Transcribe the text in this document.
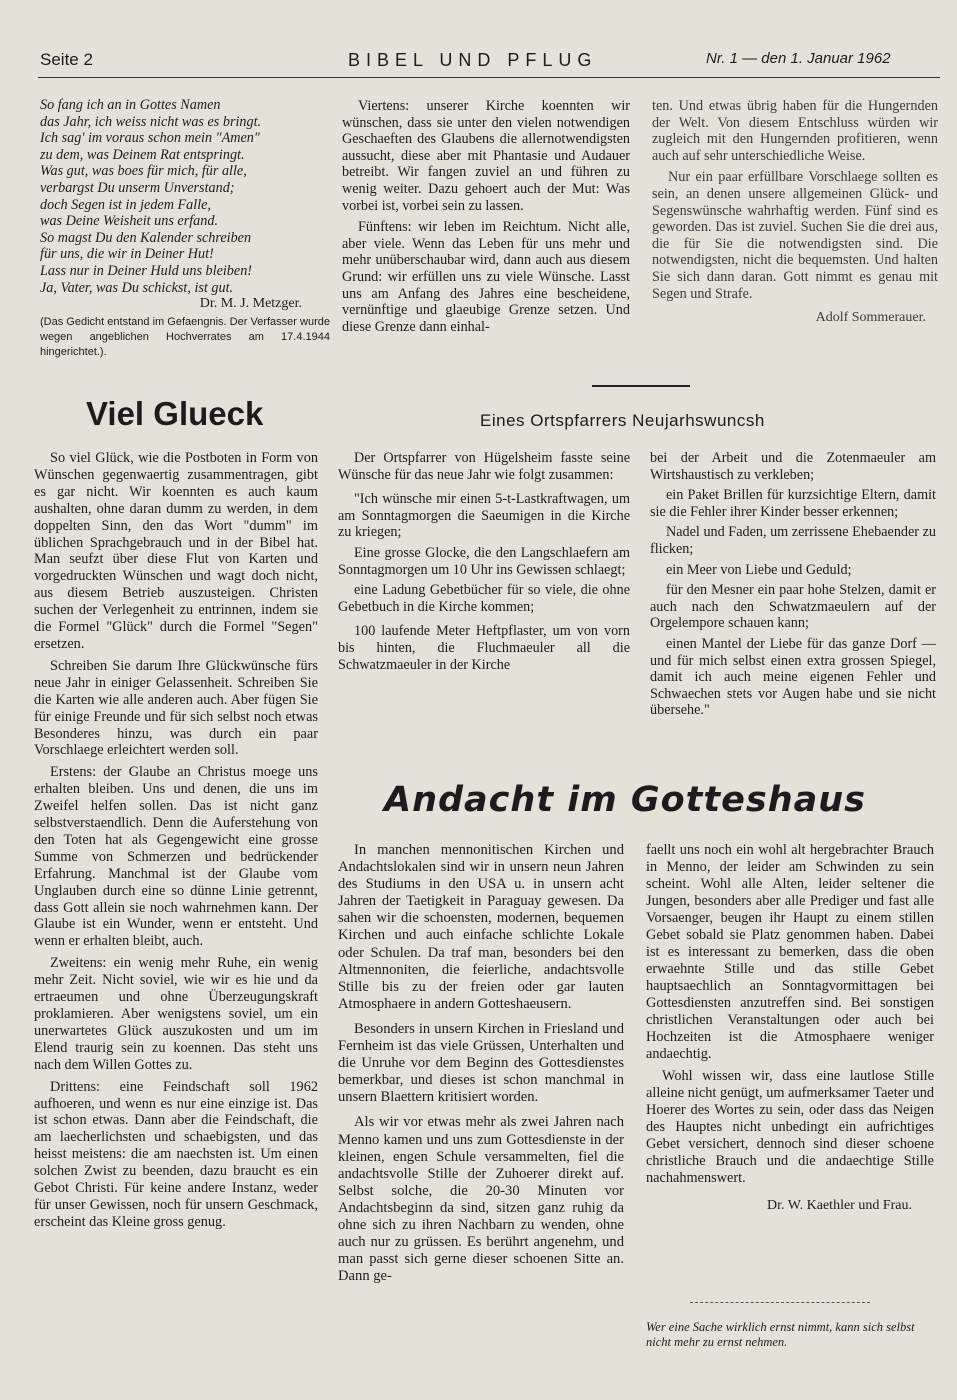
Seite 2	BIBEL UND PFLUG	Nr. 1 — den 1. Januar 1962
So fang ich an in Gottes Namen
das Jahr, ich weiss nicht was es bringt.
Ich sag' im voraus schon mein "Amen"
zu dem, was Deinem Rat entspringt.
Was gut, was boes für mich, für alle,
verbargst Du unserm Unverstand;
doch Segen ist in jedem Falle,
was Deine Weisheit uns erfand.
So magst Du den Kalender schreiben
für uns, die wir in Deiner Hut!
Lass nur in Deiner Huld uns bleiben!
Ja, Vater, was Du schickst, ist gut.
Dr. M. J. Metzger.
(Das Gedicht entstand im Gefaengnis. Der Verfasser wurde wegen angeblichen Hochverrates am 17.4.1944 hingerichtet.).

Viertens: unserer Kirche koennten wir wünschen, dass sie unter den vielen notwendigen Geschaeften des Glaubens die allernotwendigsten aussucht, diese aber mit Phantasie und Audauer betreibt. Wir fangen zuviel an und führen zu wenig weiter. Dazu gehoert auch der Mut: Was vorbei ist, vorbei sein zu lassen.

Fünftens: wir leben im Reichtum. Nicht alle, aber viele. Wenn das Leben für uns mehr und mehr unüberschaubar wird, dann auch aus diesem Grund: wir erfüllen uns zu viele Wünsche. Lasst uns am Anfang des Jahres eine bescheidene, vernünftige und glaeubige Grenze setzen. Und diese Grenze dann einhal-

ten. Und etwas übrig haben für die Hungernden der Welt. Von diesem Entschluss würden wir zugleich mit den Hungernden profitieren, wenn auch auf sehr unterschiedliche Weise.

Nur ein paar erfüllbare Vorschlaege sollten es sein, an denen unsere allgemeinen Glück- und Segenswünsche wahrhaftig werden. Fünf sind es geworden. Das ist zuviel. Suchen Sie die drei aus, die für Sie die notwendigsten sind. Die notwendigsten, nicht die bequemsten. Und halten Sie sich dann daran. Gott nimmt es genau mit Segen und Strafe.

Adolf Sommerauer.
Viel Glueck

So viel Glück, wie die Postboten in Form von Wünschen gegenwaertig zusammentragen, gibt es gar nicht. Wir koennten es auch kaum aushalten, ohne daran dumm zu werden, in dem doppelten Sinn, den das Wort "dumm" im üblichen Sprachgebrauch und in der Bibel hat. Man seufzt über diese Flut von Karten und vorgedruckten Wünschen und wagt doch nicht, aus diesem Betrieb auszusteigen. Christen suchen der Verlegenheit zu entrinnen, indem sie die Formel "Glück" durch die Formel "Segen" ersetzen.

Schreiben Sie darum Ihre Glückwünsche fürs neue Jahr in einiger Gelassenheit. Schreiben Sie die Karten wie alle anderen auch. Aber fügen Sie für einige Freunde und für sich selbst noch etwas Besonderes hinzu, was durch ein paar Vorschlaege erleichtert werden soll.

Erstens: der Glaube an Christus moege uns erhalten bleiben. Uns und denen, die uns im Zweifel helfen sollen. Das ist nicht ganz selbstverstaendlich. Denn die Auferstehung von den Toten hat als Gegengewicht eine grosse Summe von Schmerzen und bedrückender Erfahrung. Manchmal ist der Glaube vom Unglauben durch eine so dünne Linie getrennt, dass Gott allein sie noch wahrnehmen kann. Der Glaube ist ein Wunder, wenn er entsteht. Und wenn er erhalten bleibt, auch.

Zweitens: ein wenig mehr Ruhe, ein wenig mehr Zeit. Nicht soviel, wie wir es hie und da ertraeumen und ohne Überzeugungskraft proklamieren. Aber wenigstens soviel, um ein unerwartetes Glück auszukosten und um im Elend traurig sein zu koennen. Das steht uns nach dem Willen Gottes zu.

Drittens: eine Feindschaft soll 1962 aufhoeren, und wenn es nur eine einzige ist. Das ist schon etwas. Dann aber die Feindschaft, die am laecherlichsten und schaebigsten, und das heisst meistens: die am naechsten ist. Um einen solchen Zwist zu beenden, dazu braucht es ein Gebot Christi. Für keine andere Instanz, weder für unser Gewissen, noch für unsern Geschmack, erscheint das Kleine gross genug.

Eines Ortspfarrers Neujarhswuncsh

Der Ortspfarrer von Hügelsheim fasste seine Wünsche für das neue Jahr wie folgt zusammen:

"Ich wünsche mir einen 5-t-Lastkraftwagen, um am Sonntagmorgen die Saeumigen in die Kirche zu kriegen;

Eine grosse Glocke, die den Langschlaefern am Sonntagmorgen um 10 Uhr ins Gewissen schlaegt;

eine Ladung Gebetbücher für so viele, die ohne Gebetbuch in die Kirche kommen;

100 laufende Meter Heftpflaster, um von vorn bis hinten, die Fluchmaeuler all die Schwatzmaeuler in der Kirche

bei der Arbeit und die Zotenmaeuler am Wirtshaustisch zu verkleben;

ein Paket Brillen für kurzsichtige Eltern, damit sie die Fehler ihrer Kinder besser erkennen;

Nadel und Faden, um zerrissene Ehebaender zu flicken;

ein Meer von Liebe und Geduld;

für den Mesner ein paar hohe Stelzen, damit er auch nach den Schwatzmaeulern auf der Orgelempore schauen kann;

einen Mantel der Liebe für das ganze Dorf — und für mich selbst einen extra grossen Spiegel, damit ich auch meine eigenen Fehler und Schwaechen stets vor Augen habe und sie nicht übersehe."

Andacht im Gotteshaus

In manchen mennonitischen Kirchen und Andachtslokalen sind wir in unsern neun Jahren des Studiums in den USA u. in unsern acht Jahren der Taetigkeit in Paraguay gewesen. Da sahen wir die schoensten, modernen, bequemen Kirchen und auch einfache schlichte Lokale oder Schulen. Da traf man, besonders bei den Altmennoniten, die feierliche, andachtsvolle Stille bis zu der freien oder gar lauten Atmosphaere in andern Gotteshaeusern.

Besonders in unsern Kirchen in Friesland und Fernheim ist das viele Grüssen, Unterhalten und die Unruhe vor dem Beginn des Gottesdienstes bemerkbar, und dieses ist schon manchmal in unsern Blaettern kritisiert worden.

Als wir vor etwas mehr als zwei Jahren nach Menno kamen und uns zum Gottesdienste in der kleinen, engen Schule versammelten, fiel die andachtsvolle Stille der Zuhoerer direkt auf. Selbst solche, die 20-30 Minuten vor Andachtsbeginn da sind, sitzen ganz ruhig da ohne sich zu ihren Nachbarn zu wenden, ohne auch nur zu grüssen. Es berührt angenehm, und man passt sich gerne dieser schoenen Sitte an. Dann ge-

faellt uns noch ein wohl alt hergebrachter Brauch in Menno, der leider am Schwinden zu sein scheint. Wohl alle Alten, leider seltener die Jungen, besonders aber alle Prediger und fast alle Vorsaenger, beugen ihr Haupt zu einem stillen Gebet sobald sie Platz genommen haben. Dabei ist es interessant zu bemerken, dass die oben erwaehnte Stille und das stille Gebet hauptsaechlich an Sonntagvormittagen bei Gottesdiensten anzutreffen sind. Bei sonstigen christlichen Veranstaltungen oder auch bei Hochzeiten ist die Atmosphaere weniger andaechtig.

Wohl wissen wir, dass eine lautlose Stille alleine nicht genügt, um aufmerksamer Taeter und Hoerer des Wortes zu sein, oder dass das Neigen des Hauptes nicht unbedingt ein aufrichtiges Gebet versichert, dennoch sind dieser schoene christliche Brauch und die andaechtige Stille nachahmenswert.

Dr. W. Kaethler und Frau.
Wer eine Sache wirklich ernst nimmt, kann sich selbst nicht mehr zu ernst nehmen.
